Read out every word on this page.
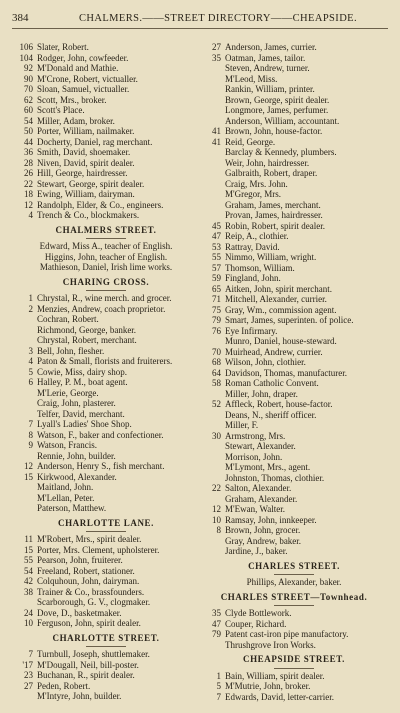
384	CHALMERS.——STREET DIRECTORY——CHEAPSIDE.
106 Slater, Robert.
104 Rodger, John, cowfeeder.
92 M'Donald and Mathie.
90 M'Crone, Robert, victualler.
70 Sloan, Samuel, victualler.
62 Scott, Mrs., broker.
60 Scott's Place.
54 Miller, Adam, broker.
50 Porter, William, nailmaker.
44 Docherty, Daniel, rag merchant.
36 Smith, David, shoemaker.
28 Niven, David, spirit dealer.
26 Hill, George, hairdresser.
22 Stewart, George, spirit dealer.
18 Ewing, William, dairyman.
12 Randolph, Elder, & Co., engineers.
4 Trench & Co., blockmakers.
CHALMERS STREET.
Edward, Miss A., teacher of English.
Higgins, John, teacher of English.
Mathieson, Daniel, Irish lime works.
CHARING CROSS.
1 Chrystal, R., wine merch. and grocer.
2 Menzies, Andrew, coach proprietor.
Cochran, Robert.
Richmond, George, banker.
Chrystal, Robert, merchant.
3 Bell, John, flesher.
4 Paton & Small, florists and fruiterers.
5 Cowie, Miss, dairy shop.
6 Halley, P. M., boat agent.
M'Lerie, George.
Craig, John, plasterer.
Telfer, David, merchant.
7 Lyall's Ladies' Shoe Shop.
8 Watson, F., baker and confectioner.
9 Watson, Francis.
Rennie, John, builder.
12 Anderson, Henry S., fish merchant.
15 Kirkwood, Alexander.
Maitland, John.
M'Lellan, Peter.
Paterson, Matthew.
CHARLOTTE LANE.
11 M'Robert, Mrs., spirit dealer.
15 Porter, Mrs. Clement, upholsterer.
55 Pearson, John, fruiterer.
54 Freeland, Robert, stationer.
42 Colquhoun, John, dairyman.
38 Trainer & Co., brassfounders.
Scarborough, G. V., clogmaker.
24 Dove, D., basketmaker.
10 Ferguson, John, spirit dealer.
CHARLOTTE STREET.
7 Turnbull, Joseph, shuttlemaker.
'17 M'Dougall, Neil, bill-poster.
23 Buchanan, R., spirit dealer.
27 Peden, Robert.
M'Intyre, John, builder.
27 Anderson, James, currier.
35 Oatman, James, tailor.
Steven, Andrew, turner.
M'Leod, Miss.
Rankin, William, printer.
Brown, George, spirit dealer.
Longmore, James, perfumer.
Anderson, William, accountant.
41 Brown, John, house-factor.
41 Reid, George.
Barclay & Kennedy, plumbers.
Weir, John, hairdresser.
Galbraith, Robert, draper.
Craig, Mrs. John.
M'Gregor, Mrs.
Graham, James, merchant.
Provan, James, hairdresser.
45 Robin, Robert, spirit dealer.
47 Reip, A., clothier.
53 Rattray, David.
55 Nimmo, William, wright.
57 Thomson, William.
59 Fingland, John.
65 Aitken, John, spirit merchant.
71 Mitchell, Alexander, currier.
75 Gray, Wm., commission agent.
79 Smart, James, superinten. of police.
76 Eye Infirmary.
Munro, Daniel, house-steward.
70 Muirhead, Andrew, currier.
68 Wilson, John, clothier.
64 Davidson, Thomas, manufacturer.
58 Roman Catholic Convent.
Miller, John, draper.
52 Affleck, Robert, house-factor.
Deans, N., sheriff officer.
Miller, F.
30 Armstrong, Mrs.
Stewart, Alexander.
Morrison, John.
M'Lymont, Mrs., agent.
Johnston, Thomas, clothier.
22 Salton, Alexander.
Graham, Alexander.
12 M'Ewan, Walter.
10 Ramsay, John, innkeeper.
8 Brown, John, grocer.
Gray, Andrew, baker.
Jardine, J., baker.
CHARLES STREET.
Phillips, Alexander, baker.
CHARLES STREET—Townhead.
35 Clyde Bottlework.
47 Couper, Richard.
79 Patent cast-iron pipe manufactory.
Thrushgrove Iron Works.
CHEAPSIDE STREET.
1 Bain, William, spirit dealer.
5 M'Mutrie, John, broker.
7 Edwards, David, letter-carrier.
